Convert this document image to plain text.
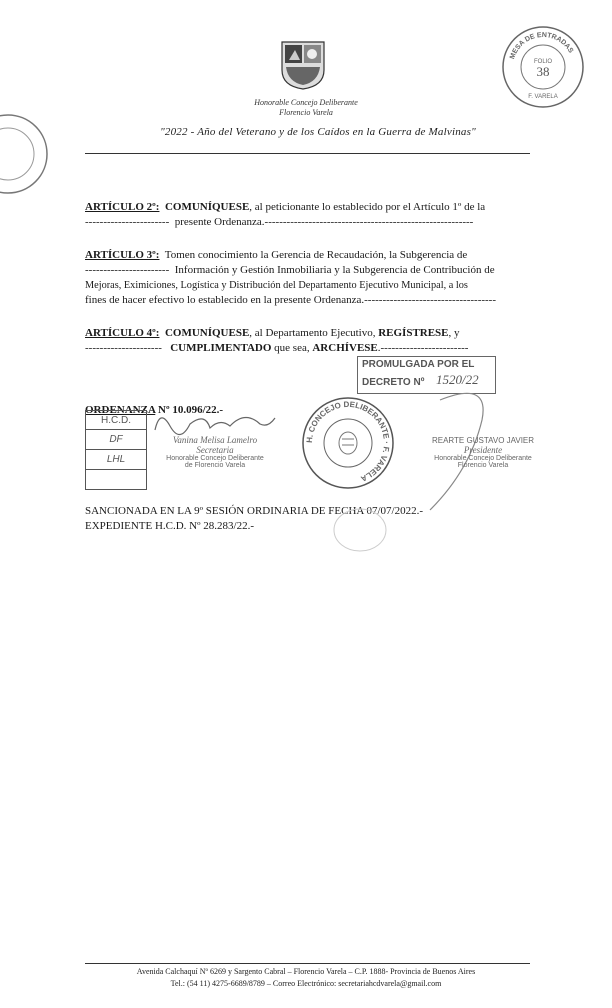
Honorable Concejo Deliberante
Florencio Varela
"2022 - Año del Veterano y de los Caídos en la Guerra de Malvinas"
MESA DE ENTRADAS
FOLIO
38
F. VARELA
ARTÍCULO 2º: COMUNÍQUESE, al peticionante lo establecido por el Artículo 1º de la
----------------------- presente Ordenanza.---------------------------------------------------------
ARTÍCULO 3º: Tomen conocimiento la Gerencia de Recaudación, la Subgerencia de
----------------------- Información y Gestión Inmobiliaria y la Subgerencia de Contribución de
Mejoras, Eximiciones, Logística y Distribución del Departamento Ejecutivo Municipal, a los
fines de hacer efectivo lo establecido en la presente Ordenanza.------------------------------------
ARTÍCULO 4º: COMUNÍQUESE, al Departamento Ejecutivo, REGÍSTRESE, y
--------------------- CUMPLIMENTADO que sea, ARCHÍVESE.------------------------
PROMULGADA POR EL
DECRETO Nº 1520/22
ORDENANZA Nº 10.096/22.-
H.C.D.
DF
LHL
Vanina Melisa Lamelro
Secretaria
Honorable Concejo Deliberante
de Florencio Varela
H. CONCEJO DELIBERANTE · F. VARELA
REARTE GUSTAVO JAVIER
Presidente
Honorable Concejo Deliberante
Florencio Varela
SANCIONADA EN LA 9º SESIÓN ORDINARIA DE FECHA 07/07/2022.-
EXPEDIENTE H.C.D. Nº 28.283/22.-
Avenida Calchaquí Nº 6269 y Sargento Cabral – Florencio Varela – C.P. 1888- Provincia de Buenos Aires
Tel.: (54 11) 4275-6689/8789 – Correo Electrónico: secretariahcdvarela@gmail.com
